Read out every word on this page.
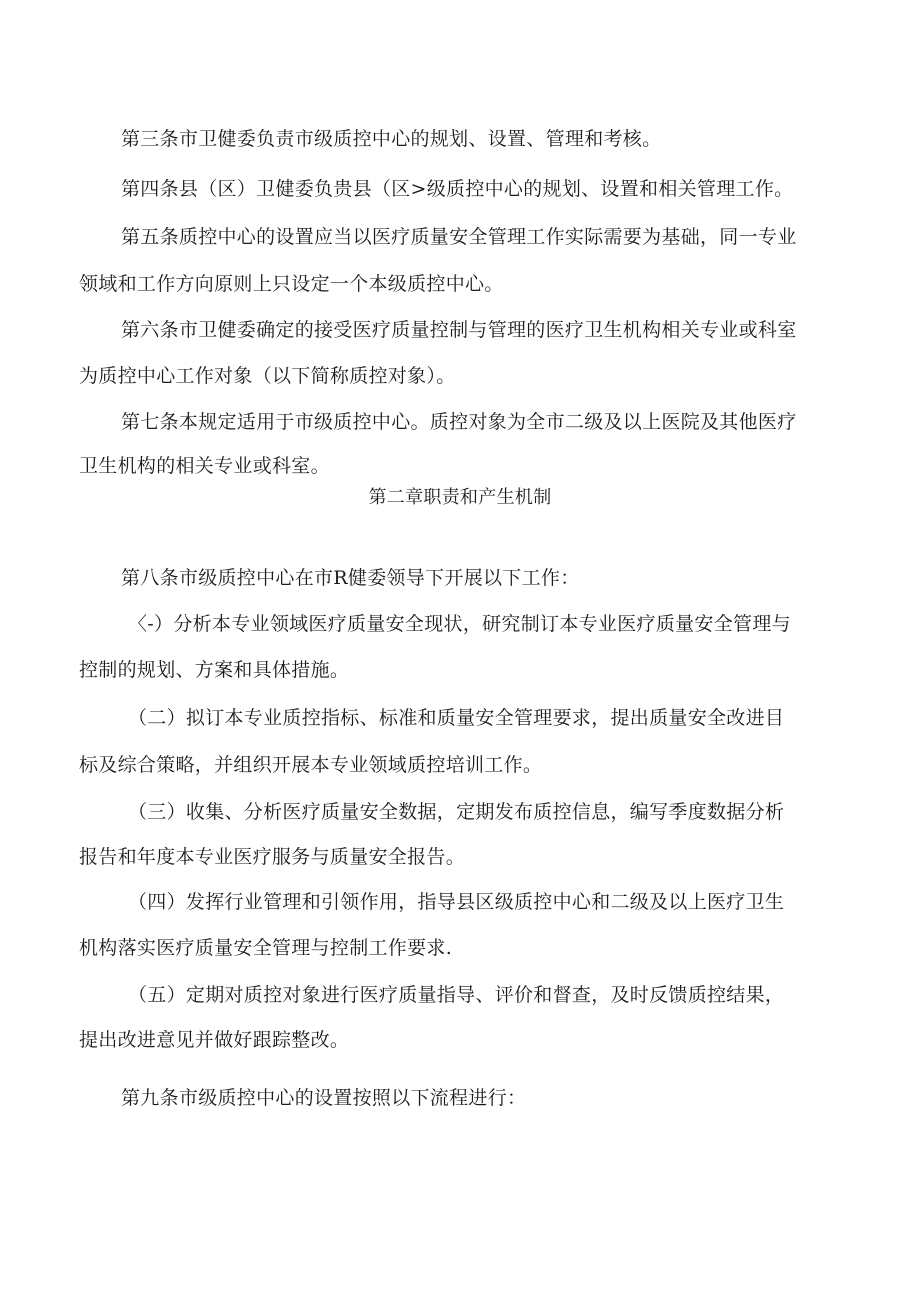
第三条市卫健委负责市级质控中心的规划、设置、管理和考核。
第四条县（区）卫健委负贵县（区>级质控中心的规划、设置和相关管理工作。
第五条质控中心的设置应当以医疗质量安全管理工作实际需要为基础，同一专业
领域和工作方向原则上只设定一个本级质控中心。
第六条市卫健委确定的接受医疗质量控制与管理的医疗卫生机构相关专业或科室
为质控中心工作对象（以下简称质控对象）。
第七条本规定适用于市级质控中心。质控对象为全市二级及以上医院及其他医疗
卫生机构的相关专业或科室。
第二章职责和产生机制
第八条市级质控中心在市R健委领导下开展以下工作：
〈-）分析本专业领域医疗质量安全现状，研究制订本专业医疗质量安全管理与
控制的规划、方案和具体措施。
（二）拟订本专业质控指标、标准和质量安全管理要求，提出质量安全改进目
标及综合策略，并组织开展本专业领域质控培训工作。
（三）收集、分析医疗质量安全数据，定期发布质控信息，编写季度数据分析
报告和年度本专业医疗服务与质量安全报告。
（四）发挥行业管理和引领作用，指导县区级质控中心和二级及以上医疗卫生
机构落实医疗质量安全管理与控制工作要求.
（五）定期对质控对象进行医疗质量指导、评价和督查，及时反馈质控结果，
提出改进意见并做好跟踪整改。
第九条市级质控中心的设置按照以下流程进行：
